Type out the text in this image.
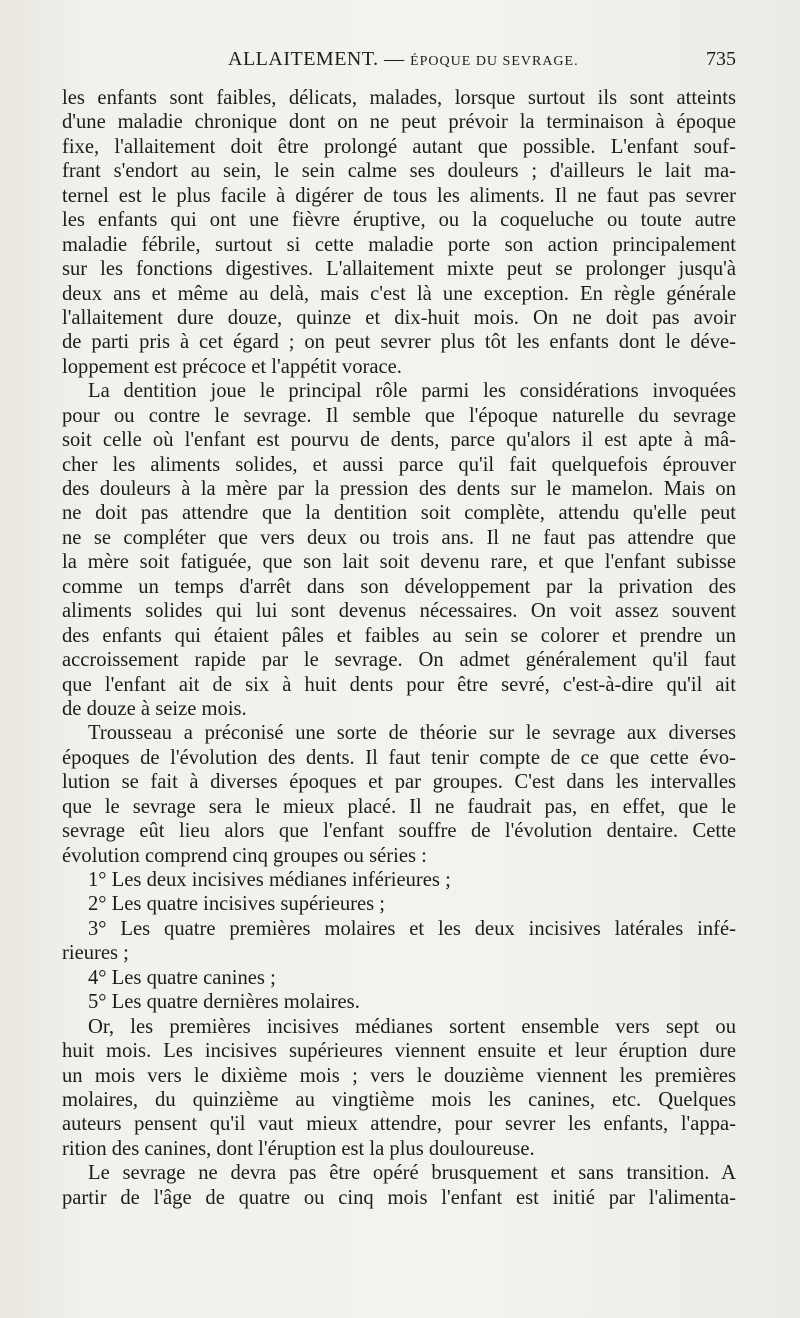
ALLAITEMENT. — ÉPOQUE DU SEVRAGE.	735
les enfants sont faibles, délicats, malades, lorsque surtout ils sont atteints
d'une maladie chronique dont on ne peut prévoir la terminaison à époque
fixe, l'allaitement doit être prolongé autant que possible. L'enfant souf-
frant s'endort au sein, le sein calme ses douleurs ; d'ailleurs le lait ma-
ternel est le plus facile à digérer de tous les aliments. Il ne faut pas sevrer
les enfants qui ont une fièvre éruptive, ou la coqueluche ou toute autre
maladie fébrile, surtout si cette maladie porte son action principalement
sur les fonctions digestives. L'allaitement mixte peut se prolonger jusqu'à
deux ans et même au delà, mais c'est là une exception. En règle générale
l'allaitement dure douze, quinze et dix-huit mois. On ne doit pas avoir
de parti pris à cet égard ; on peut sevrer plus tôt les enfants dont le déve-
loppement est précoce et l'appétit vorace.
La dentition joue le principal rôle parmi les considérations invoquées
pour ou contre le sevrage. Il semble que l'époque naturelle du sevrage
soit celle où l'enfant est pourvu de dents, parce qu'alors il est apte à mâ-
cher les aliments solides, et aussi parce qu'il fait quelquefois éprouver
des douleurs à la mère par la pression des dents sur le mamelon. Mais on
ne doit pas attendre que la dentition soit complète, attendu qu'elle peut
ne se compléter que vers deux ou trois ans. Il ne faut pas attendre que
la mère soit fatiguée, que son lait soit devenu rare, et que l'enfant subisse
comme un temps d'arrêt dans son développement par la privation des
aliments solides qui lui sont devenus nécessaires. On voit assez souvent
des enfants qui étaient pâles et faibles au sein se colorer et prendre un
accroissement rapide par le sevrage. On admet généralement qu'il faut
que l'enfant ait de six à huit dents pour être sevré, c'est-à-dire qu'il ait
de douze à seize mois.
Trousseau a préconisé une sorte de théorie sur le sevrage aux diverses
époques de l'évolution des dents. Il faut tenir compte de ce que cette évo-
lution se fait à diverses époques et par groupes. C'est dans les intervalles
que le sevrage sera le mieux placé. Il ne faudrait pas, en effet, que le
sevrage eût lieu alors que l'enfant souffre de l'évolution dentaire. Cette
évolution comprend cinq groupes ou séries :
1° Les deux incisives médianes inférieures ;
2° Les quatre incisives supérieures ;
3° Les quatre premières molaires et les deux incisives latérales infé-
rieures ;
4° Les quatre canines ;
5° Les quatre dernières molaires.
Or, les premières incisives médianes sortent ensemble vers sept ou
huit mois. Les incisives supérieures viennent ensuite et leur éruption dure
un mois vers le dixième mois ; vers le douzième viennent les premières
molaires, du quinzième au vingtième mois les canines, etc. Quelques
auteurs pensent qu'il vaut mieux attendre, pour sevrer les enfants, l'appa-
rition des canines, dont l'éruption est la plus douloureuse.
Le sevrage ne devra pas être opéré brusquement et sans transition. A
partir de l'âge de quatre ou cinq mois l'enfant est initié par l'alimenta-
